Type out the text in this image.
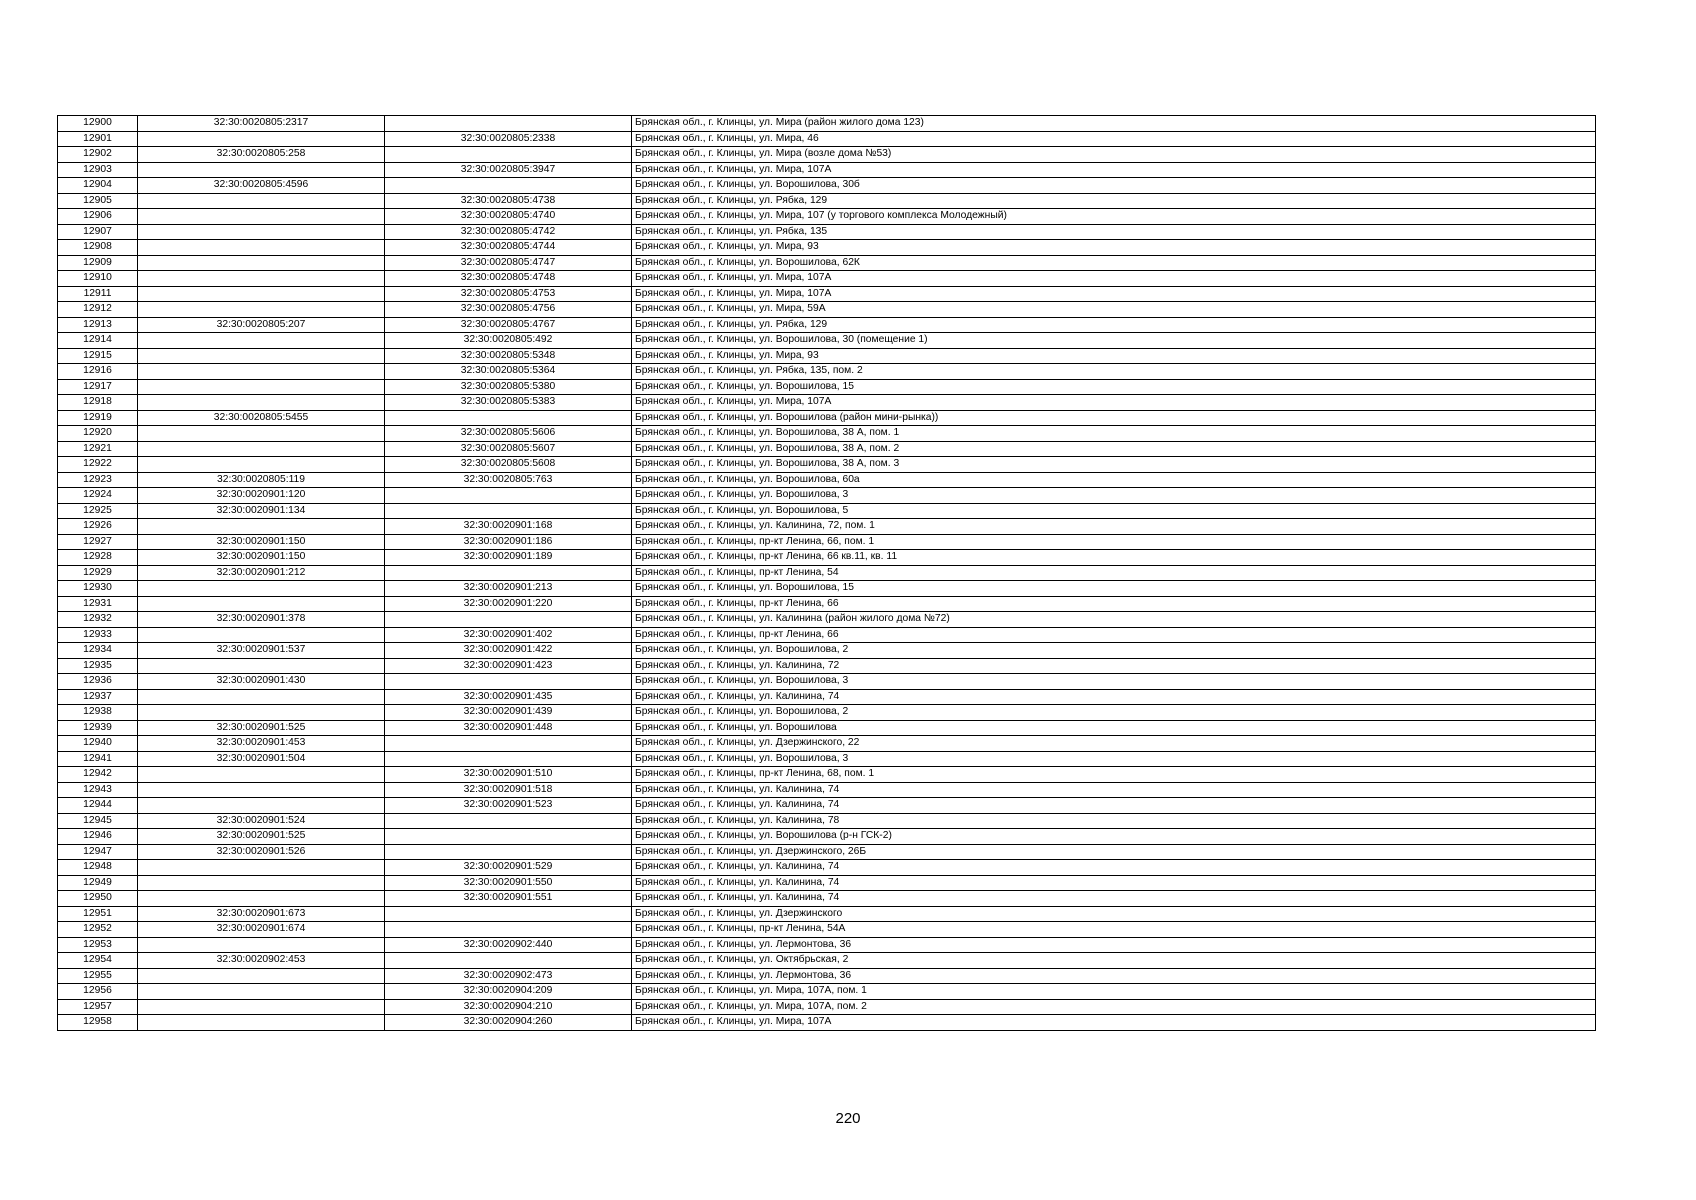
12900	32:30:0020805:2317		Брянская обл., г. Клинцы, ул. Мира (район жилого дома 123)
12901		32:30:0020805:2338	Брянская обл., г. Клинцы, ул. Мира, 46
12902	32:30:0020805:258		Брянская обл., г. Клинцы, ул. Мира (возле дома №53)
12903		32:30:0020805:3947	Брянская обл., г. Клинцы, ул. Мира, 107А
12904	32:30:0020805:4596		Брянская обл., г. Клинцы, ул. Ворошилова, 30б
12905		32:30:0020805:4738	Брянская обл., г. Клинцы, ул. Рябка, 129
12906		32:30:0020805:4740	Брянская обл., г. Клинцы, ул. Мира, 107 (у торгового комплекса Молодежный)
12907		32:30:0020805:4742	Брянская обл., г. Клинцы, ул. Рябка, 135
12908		32:30:0020805:4744	Брянская обл., г. Клинцы, ул. Мира, 93
12909		32:30:0020805:4747	Брянская обл., г. Клинцы, ул. Ворошилова, 62К
12910		32:30:0020805:4748	Брянская обл., г. Клинцы, ул. Мира, 107А
12911		32:30:0020805:4753	Брянская обл., г. Клинцы, ул. Мира, 107А
12912		32:30:0020805:4756	Брянская обл., г. Клинцы, ул. Мира, 59А
12913	32:30:0020805:207	32:30:0020805:4767	Брянская обл., г. Клинцы, ул. Рябка, 129
12914		32:30:0020805:492	Брянская обл., г. Клинцы, ул. Ворошилова, 30 (помещение 1)
12915		32:30:0020805:5348	Брянская обл., г. Клинцы, ул. Мира, 93
12916		32:30:0020805:5364	Брянская обл., г. Клинцы, ул. Рябка, 135, пом. 2
12917		32:30:0020805:5380	Брянская обл., г. Клинцы, ул. Ворошилова, 15
12918		32:30:0020805:5383	Брянская обл., г. Клинцы, ул. Мира, 107А
12919	32:30:0020805:5455		Брянская обл., г. Клинцы, ул. Ворошилова (район мини-рынка))
12920		32:30:0020805:5606	Брянская обл., г. Клинцы, ул. Ворошилова, 38 А, пом. 1
12921		32:30:0020805:5607	Брянская обл., г. Клинцы, ул. Ворошилова, 38 А, пом. 2
12922		32:30:0020805:5608	Брянская обл., г. Клинцы, ул. Ворошилова, 38 А, пом. 3
12923	32:30:0020805:119	32:30:0020805:763	Брянская обл., г. Клинцы, ул. Ворошилова, 60а
12924	32:30:0020901:120		Брянская обл., г. Клинцы, ул. Ворошилова, 3
12925	32:30:0020901:134		Брянская обл., г. Клинцы, ул. Ворошилова, 5
12926		32:30:0020901:168	Брянская обл., г. Клинцы, ул. Калинина, 72, пом. 1
12927	32:30:0020901:150	32:30:0020901:186	Брянская обл., г. Клинцы, пр-кт Ленина, 66, пом. 1
12928	32:30:0020901:150	32:30:0020901:189	Брянская обл., г. Клинцы, пр-кт Ленина, 66 кв.11, кв. 11
12929	32:30:0020901:212		Брянская обл., г. Клинцы, пр-кт Ленина, 54
12930		32:30:0020901:213	Брянская обл., г. Клинцы, ул. Ворошилова, 15
12931		32:30:0020901:220	Брянская обл., г. Клинцы, пр-кт Ленина, 66
12932	32:30:0020901:378		Брянская обл., г. Клинцы, ул. Калинина (район жилого дома №72)
12933		32:30:0020901:402	Брянская обл., г. Клинцы, пр-кт Ленина, 66
12934	32:30:0020901:537	32:30:0020901:422	Брянская обл., г. Клинцы, ул. Ворошилова, 2
12935		32:30:0020901:423	Брянская обл., г. Клинцы, ул. Калинина, 72
12936	32:30:0020901:430		Брянская обл., г. Клинцы, ул. Ворошилова, 3
12937		32:30:0020901:435	Брянская обл., г. Клинцы, ул. Калинина, 74
12938		32:30:0020901:439	Брянская обл., г. Клинцы, ул. Ворошилова, 2
12939	32:30:0020901:525	32:30:0020901:448	Брянская обл., г. Клинцы, ул. Ворошилова
12940	32:30:0020901:453		Брянская обл., г. Клинцы, ул. Дзержинского, 22
12941	32:30:0020901:504		Брянская обл., г. Клинцы, ул. Ворошилова, 3
12942		32:30:0020901:510	Брянская обл., г. Клинцы, пр-кт Ленина, 68, пом. 1
12943		32:30:0020901:518	Брянская обл., г. Клинцы, ул. Калинина, 74
12944		32:30:0020901:523	Брянская обл., г. Клинцы, ул. Калинина, 74
12945	32:30:0020901:524		Брянская обл., г. Клинцы, ул. Калинина, 78
12946	32:30:0020901:525		Брянская обл., г. Клинцы, ул. Ворошилова (р-н ГСК-2)
12947	32:30:0020901:526		Брянская обл., г. Клинцы, ул. Дзержинского, 26Б
12948		32:30:0020901:529	Брянская обл., г. Клинцы, ул. Калинина, 74
12949		32:30:0020901:550	Брянская обл., г. Клинцы, ул. Калинина, 74
12950		32:30:0020901:551	Брянская обл., г. Клинцы, ул. Калинина, 74
12951	32:30:0020901:673		Брянская обл., г. Клинцы, ул. Дзержинского
12952	32:30:0020901:674		Брянская обл., г. Клинцы, пр-кт Ленина, 54А
12953		32:30:0020902:440	Брянская обл., г. Клинцы, ул. Лермонтова, 36
12954	32:30:0020902:453		Брянская обл., г. Клинцы, ул. Октябрьская, 2
12955		32:30:0020902:473	Брянская обл., г. Клинцы, ул. Лермонтова, 36
12956		32:30:0020904:209	Брянская обл., г. Клинцы, ул. Мира, 107А, пом. 1
12957		32:30:0020904:210	Брянская обл., г. Клинцы, ул. Мира, 107А, пом. 2
12958		32:30:0020904:260	Брянская обл., г. Клинцы, ул. Мира, 107А
220
